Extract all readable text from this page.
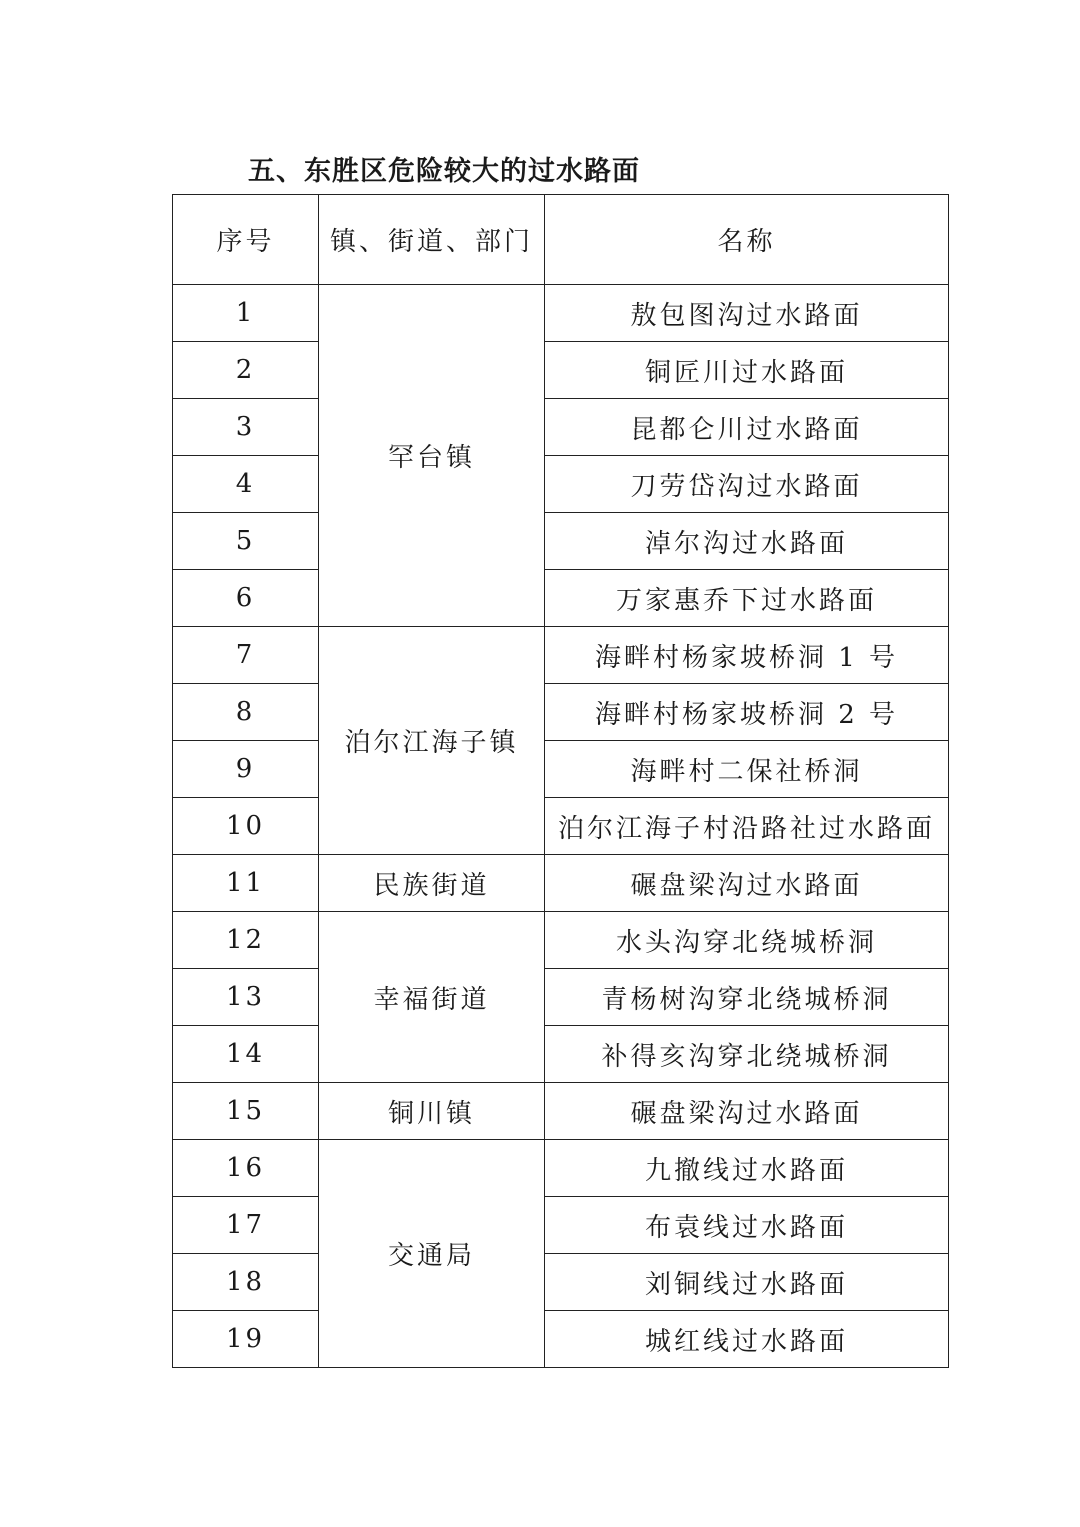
五、东胜区危险较大的过水路面
序号	镇、街道、部门	名称
1	罕台镇	敖包图沟过水路面
2		铜匠川过水路面
3		昆都仑川过水路面
4		刀劳岱沟过水路面
5		淖尔沟过水路面
6		万家惠乔下过水路面
7	泊尔江海子镇	海畔村杨家坡桥洞 1 号
8		海畔村杨家坡桥洞 2 号
9		海畔村二保社桥洞
10		泊尔江海子村沿路社过水路面
11	民族街道	碾盘梁沟过水路面
12	幸福街道	水头沟穿北绕城桥洞
13		青杨树沟穿北绕城桥洞
14		补得亥沟穿北绕城桥洞
15	铜川镇	碾盘梁沟过水路面
16	交通局	九撤线过水路面
17		布袁线过水路面
18		刘铜线过水路面
19		城红线过水路面
